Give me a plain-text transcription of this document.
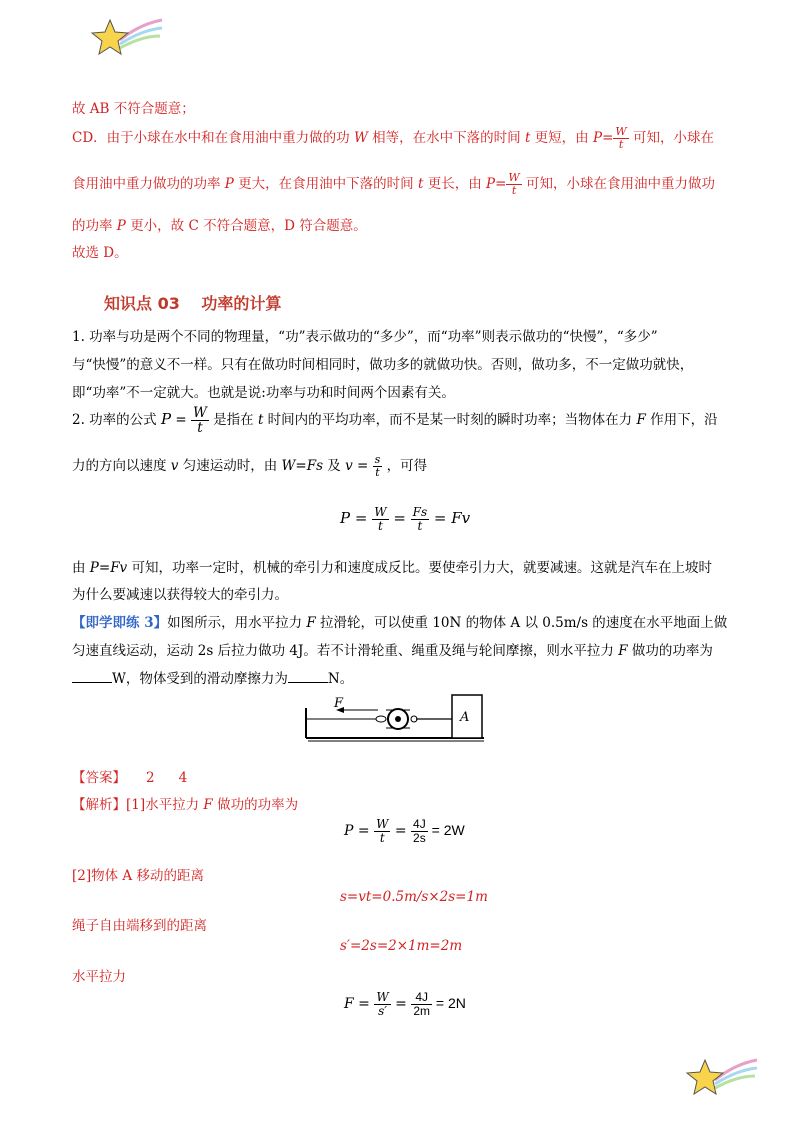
故 AB 不符合题意；
CD．由于小球在水中和在食用油中重力做的功 W 相等，在水中下落的时间 t 更短，由 $P= \frac{W}{t}$ 可知，小球在
食用油中重力做功的功率 P 更大，在食用油中下落的时间 t 更长，由 $P= \frac{W}{t}$ 可知，小球在食用油中重力做功
的功率 P 更小，故 C 不符合题意，D 符合题意。
故选 D。
知识点 03　 功率的计算
1. 功率与功是两个不同的物理量，“功”表示做功的“多少”，而“功率”则表示做功的“快慢”，“多少”
与“快慢”的意义不一样。只有在做功时间相同时，做功多的就做功快。否则，做功多，不一定做功就快，
即“功率”不一定就大。也就是说:功率与功和时间两个因素有关。
2. 功率的公式 $P = \frac{W}{t}$ 是指在 t 时间内的平均功率，而不是某一时刻的瞬时功率；当物体在力 F 作用下，沿
力的方向以速度 v 匀速运动时，由 W=Fs 及 $v = \frac{s}{t}$ ，可得
$P = \frac{W}{t} = \frac{Fs}{t} = Fv$
由 P=Fv 可知，功率一定时，机械的牵引力和速度成反比。要使牵引力大，就要减速。这就是汽车在上坡时
为什么要减速以获得较大的牵引力。
【即学即练 3】如图所示，用水平拉力 F 拉滑轮，可以使重 10N 的物体 A 以 0.5m/s 的速度在水平地面上做
匀速直线运动，运动 2s 后拉力做功 4J。若不计滑轮重、绳重及绳与轮间摩擦，则水平拉力 F 做功的功率为
W，物体受到的滑动摩擦力为	N。
F
A
【答案】 2 4
【解析】[1]水平拉力 F 做功的功率为
$P = \frac{W}{t} = \frac{4J}{2s} = 2W$
[2]物体 A 移动的距离
s=vt=0.5m/s×2s=1m
绳子自由端移到的距离
s′=2s=2×1m=2m
水平拉力
$F = \frac{W}{s'} = \frac{4J}{2m} = 2N$
